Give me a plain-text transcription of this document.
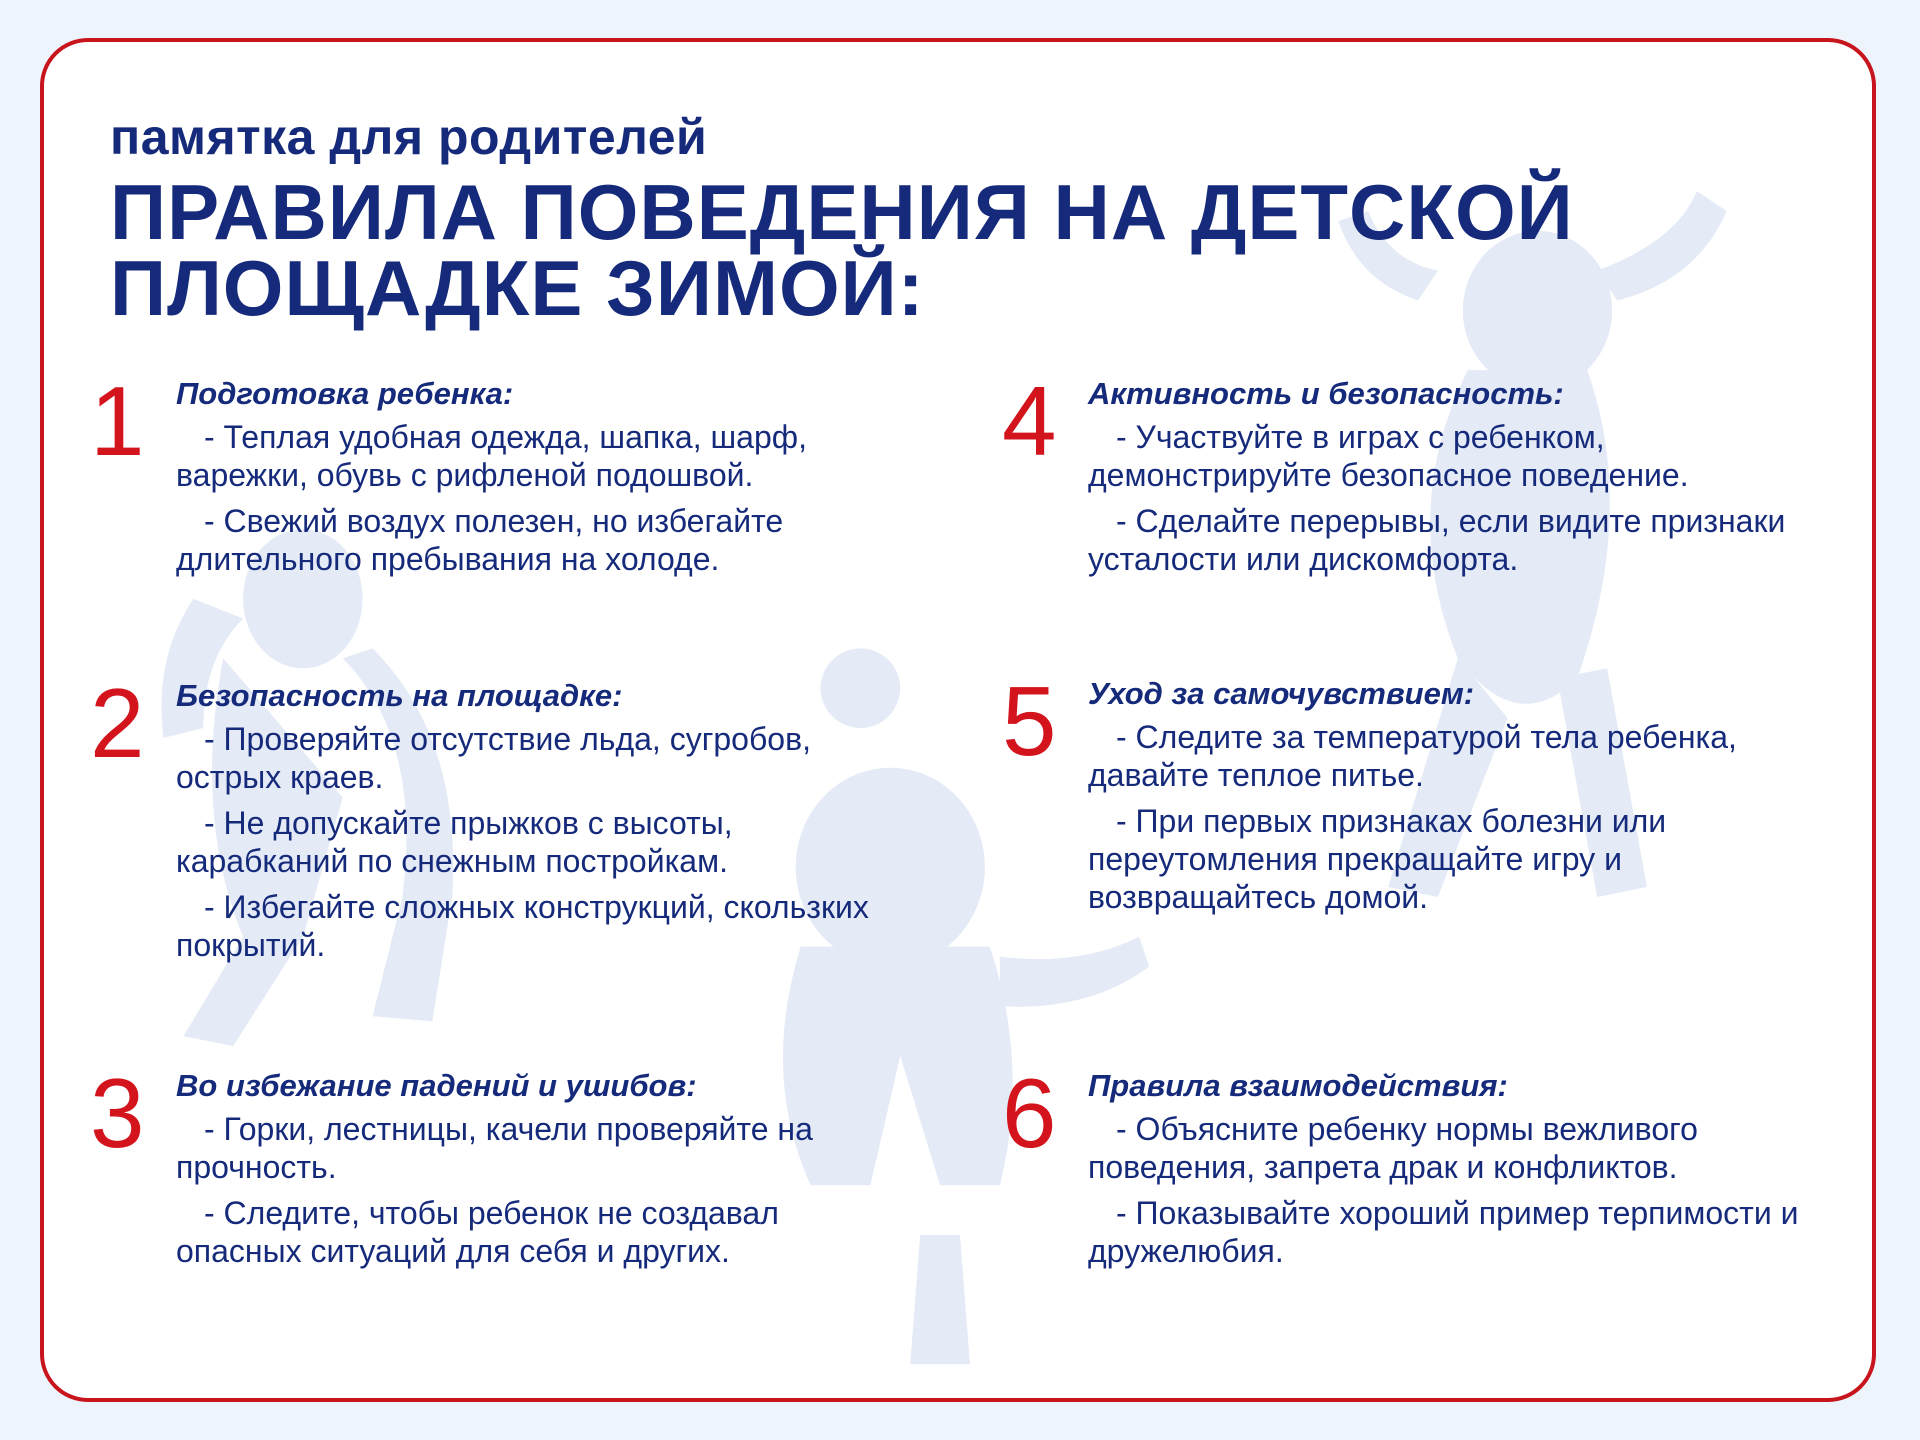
памятка для родителей

ПРАВИЛА ПОВЕДЕНИЯ НА ДЕТСКОЙ
ПЛОЩАДКЕ ЗИМОЙ:
1	Подготовка ребенка:

- Теплая удобная одежда, шапка, шарф, варежки, обувь с рифленой подошвой.

- Свежий воздух полезен, но избегайте длительного пребывания на холоде.

2	Безопасность на площадке:

- Проверяйте отсутствие льда, сугробов, острых краев.

- Не допускайте прыжков с высоты, карабканий по снежным постройкам.

- Избегайте сложных конструкций, скользких покрытий.

3	Во избежание падений и ушибов:

- Горки, лестницы, качели проверяйте на прочность.

- Следите, чтобы ребенок не создавал опасных ситуаций для себя и других.

4	Активность и безопасность:

- Участвуйте в играх с ребенком, демонстрируйте безопасное поведение.

- Сделайте перерывы, если видите признаки усталости или дискомфорта.

5	Уход за самочувствием:

- Следите за температурой тела ребенка, давайте теплое питье.

- При первых признаках болезни или переутомления прекращайте игру и возвращайтесь домой.

6	Правила взаимодействия:

- Объясните ребенку нормы вежливого поведения, запрета драк и конфликтов.

- Показывайте хороший пример терпимости и дружелюбия.
